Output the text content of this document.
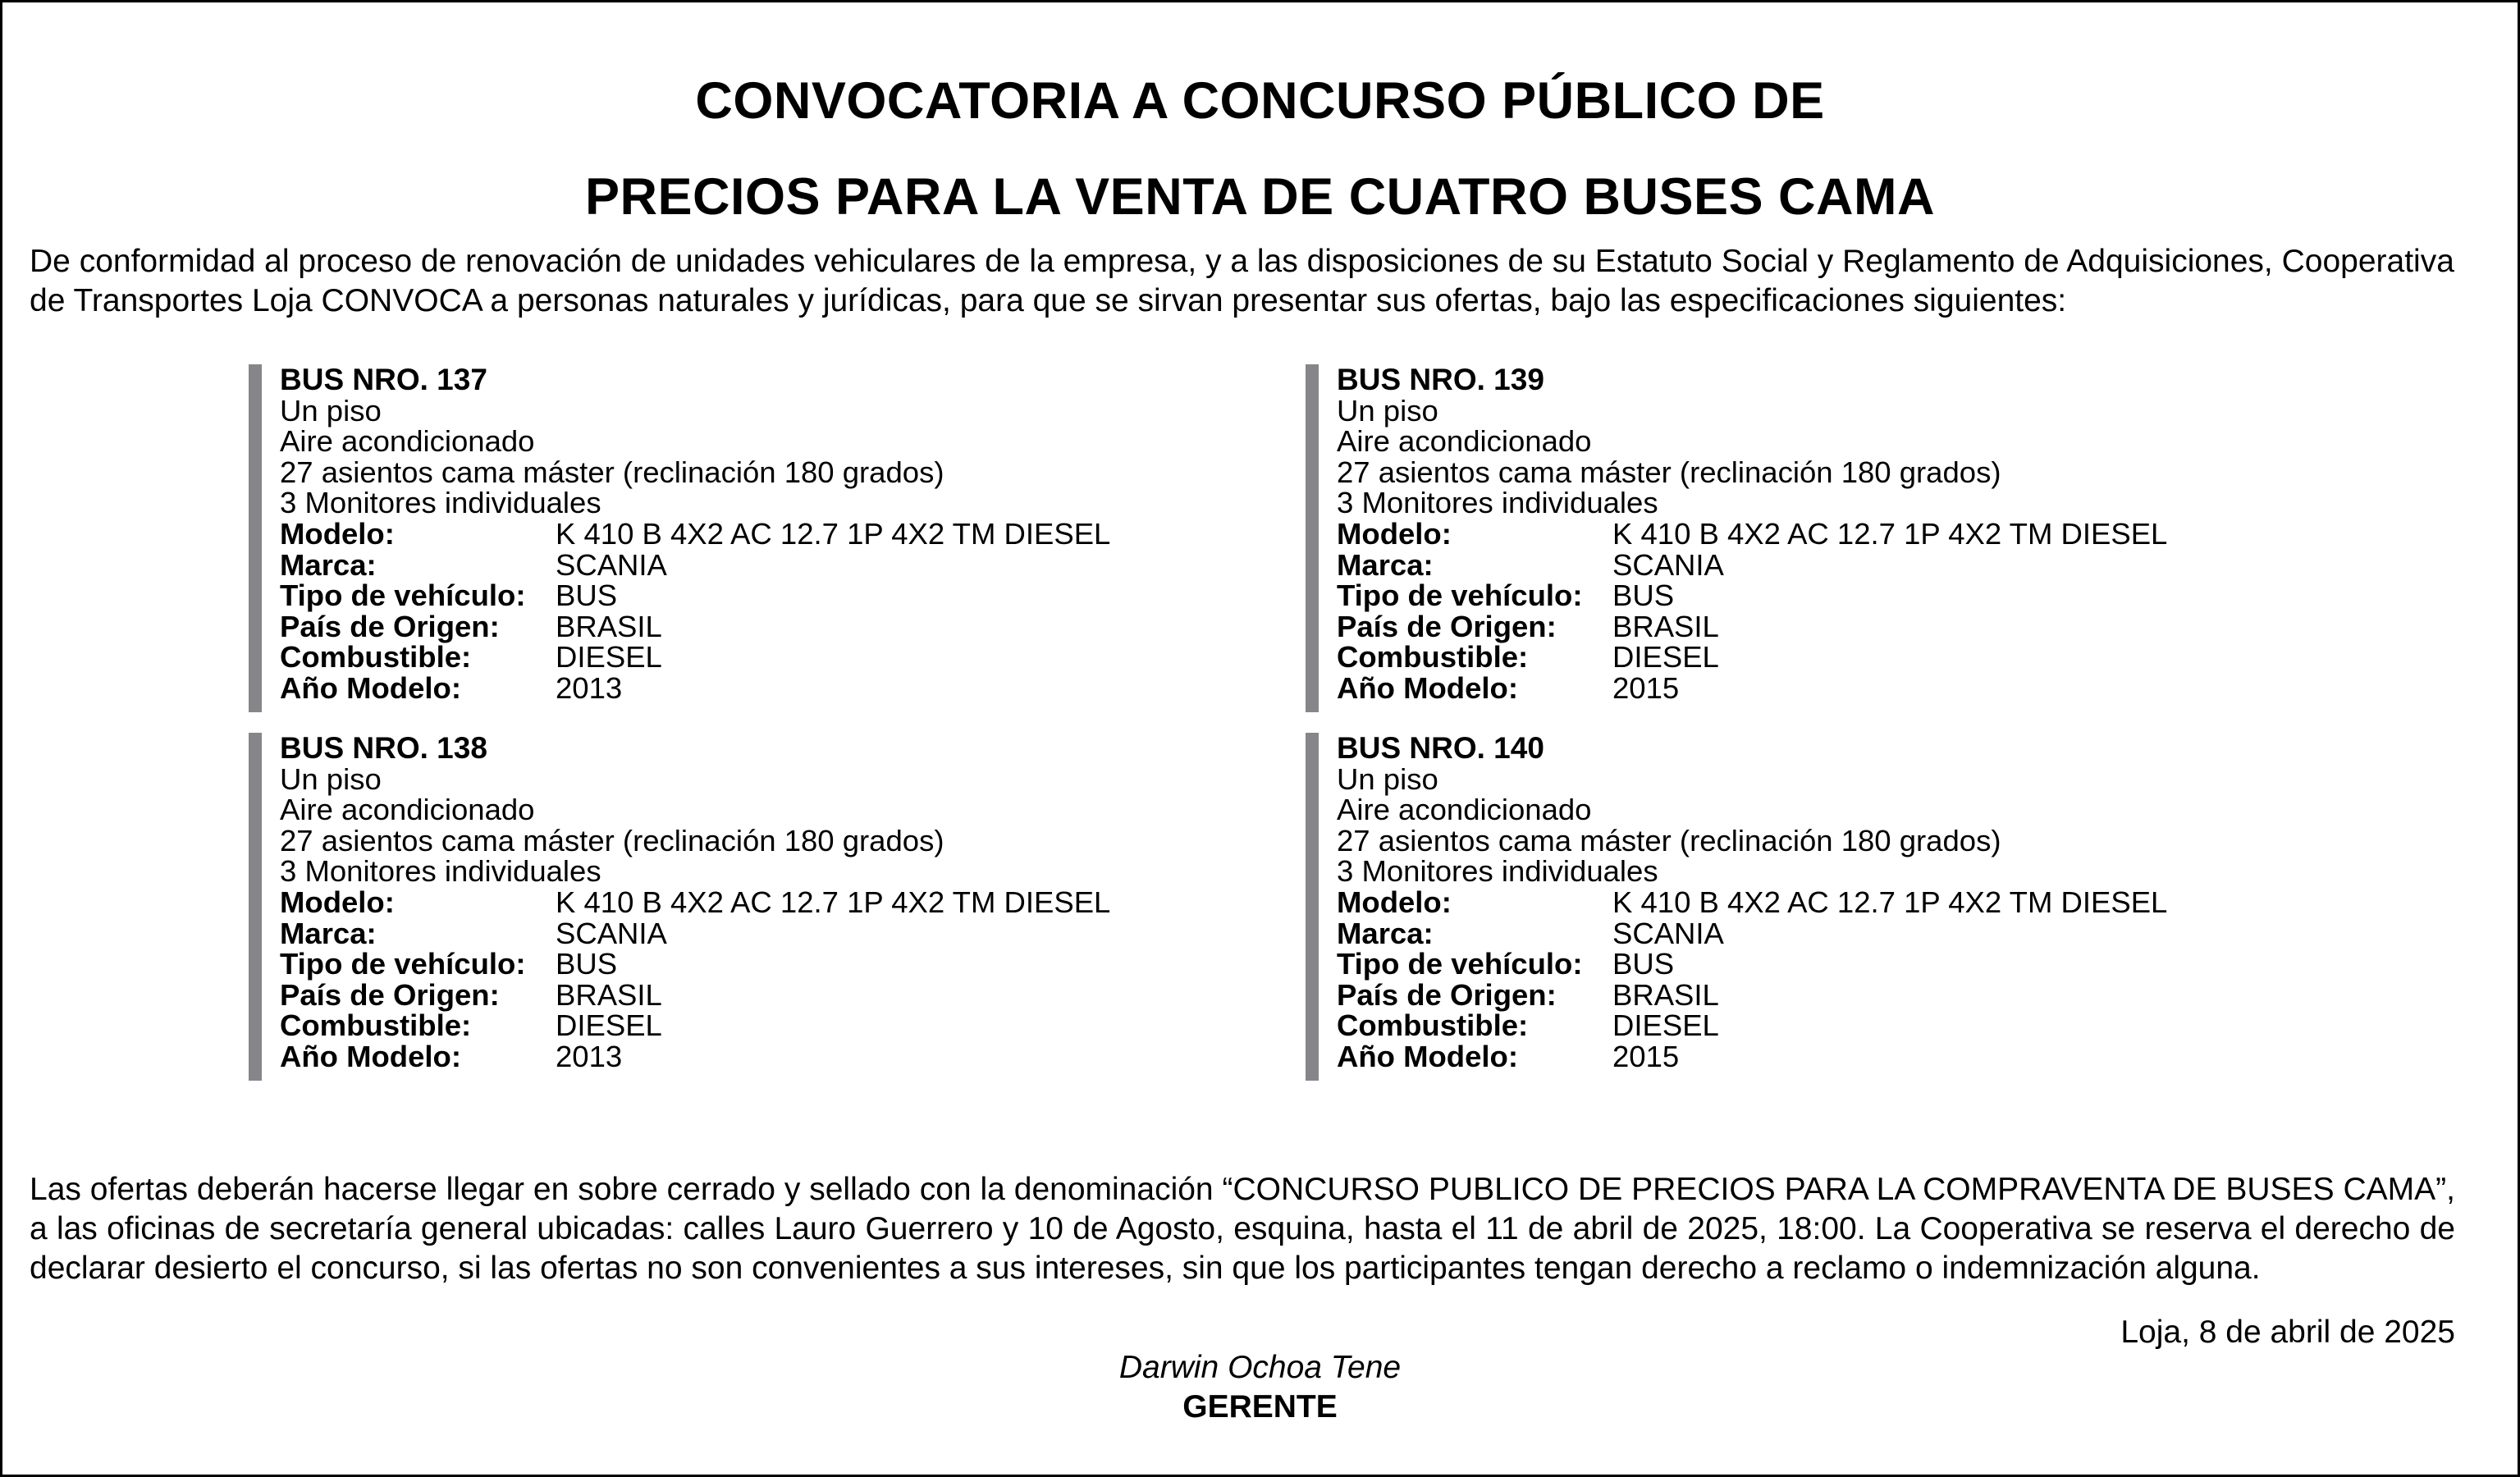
CONVOCATORIA A CONCURSO PÚBLICO DE
PRECIOS PARA LA VENTA DE CUATRO BUSES CAMA
De conformidad al proceso de renovación de unidades vehiculares de la empresa, y a las disposiciones de su Estatuto Social y Reglamento de Adquisiciones, Cooperativa de Transportes Loja CONVOCA a personas naturales y jurídicas, para que se sirvan presentar sus ofertas, bajo las especificaciones siguientes:
BUS NRO. 137
Un piso
Aire acondicionado
27 asientos cama máster (reclinación 180 grados)
3 Monitores individuales
Modelo:	K 410 B 4X2 AC 12.7 1P 4X2 TM DIESEL
Marca:	SCANIA
Tipo de vehículo:	BUS
País de Origen:	BRASIL
Combustible:	DIESEL
Año Modelo:	2013
BUS NRO. 139
Un piso
Aire acondicionado
27 asientos cama máster (reclinación 180 grados)
3 Monitores individuales
Modelo:	K 410 B 4X2 AC 12.7 1P 4X2 TM DIESEL
Marca:	SCANIA
Tipo de vehículo:	BUS
País de Origen:	BRASIL
Combustible:	DIESEL
Año Modelo:	2015
BUS NRO. 138
Un piso
Aire acondicionado
27 asientos cama máster (reclinación 180 grados)
3 Monitores individuales
Modelo:	K 410 B 4X2 AC 12.7 1P 4X2 TM DIESEL
Marca:	SCANIA
Tipo de vehículo:	BUS
País de Origen:	BRASIL
Combustible:	DIESEL
Año Modelo:	2013
BUS NRO. 140
Un piso
Aire acondicionado
27 asientos cama máster (reclinación 180 grados)
3 Monitores individuales
Modelo:	K 410 B 4X2 AC 12.7 1P 4X2 TM DIESEL
Marca:	SCANIA
Tipo de vehículo:	BUS
País de Origen:	BRASIL
Combustible:	DIESEL
Año Modelo:	2015
Las ofertas deberán hacerse llegar en sobre cerrado y sellado con la denominación “CONCURSO PUBLICO DE PRECIOS PARA LA COMPRAVENTA DE BUSES CAMA”, a las oficinas de secretaría general ubicadas: calles Lauro Guerrero y 10 de Agosto, esquina, hasta el 11 de abril de 2025, 18:00. La Cooperativa se reserva el derecho de declarar desierto el concurso, si las ofertas no son convenientes a sus intereses, sin que los participantes tengan derecho a reclamo o indemnización alguna.
Loja, 8 de abril de 2025
Darwin Ochoa Tene
GERENTE
